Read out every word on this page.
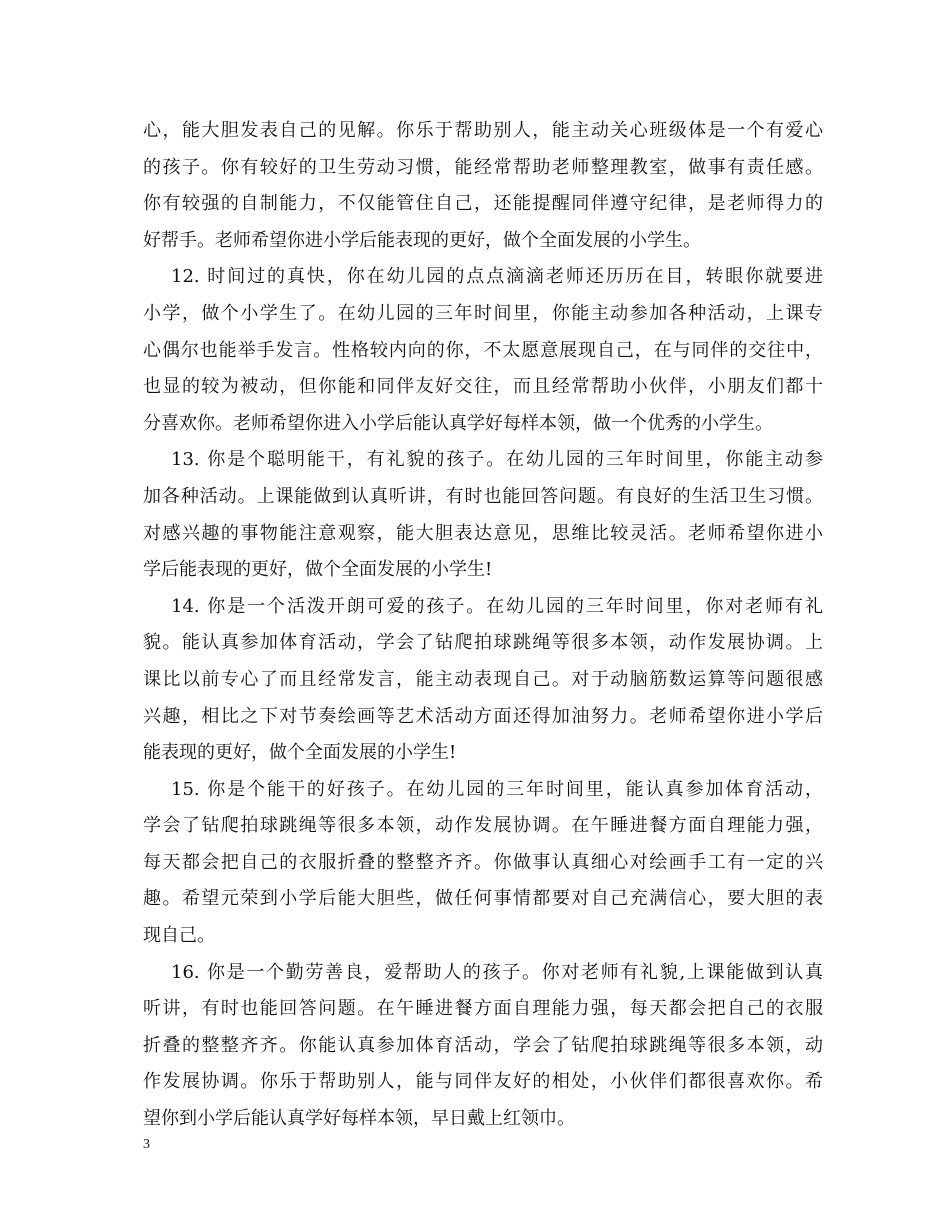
心，能大胆发表自己的见解。你乐于帮助别人，能主动关心班级体是一个有爱心
的孩子。你有较好的卫生劳动习惯，能经常帮助老师整理教室，做事有责任感。
你有较强的自制能力，不仅能管住自己，还能提醒同伴遵守纪律，是老师得力的
好帮手。老师希望你进小学后能表现的更好，做个全面发展的小学生。
12. 时间过的真快，你在幼儿园的点点滴滴老师还历历在目，转眼你就要进
小学，做个小学生了。在幼儿园的三年时间里，你能主动参加各种活动，上课专
心偶尔也能举手发言。性格较内向的你，不太愿意展现自己，在与同伴的交往中，
也显的较为被动，但你能和同伴友好交往，而且经常帮助小伙伴，小朋友们都十
分喜欢你。老师希望你进入小学后能认真学好每样本领，做一个优秀的小学生。
13. 你是个聪明能干，有礼貌的孩子。在幼儿园的三年时间里，你能主动参
加各种活动。上课能做到认真听讲，有时也能回答问题。有良好的生活卫生习惯。
对感兴趣的事物能注意观察，能大胆表达意见，思维比较灵活。老师希望你进小
学后能表现的更好，做个全面发展的小学生!
14. 你是一个活泼开朗可爱的孩子。在幼儿园的三年时间里，你对老师有礼
貌。能认真参加体育活动，学会了钻爬拍球跳绳等很多本领，动作发展协调。上
课比以前专心了而且经常发言，能主动表现自己。对于动脑筋数运算等问题很感
兴趣，相比之下对节奏绘画等艺术活动方面还得加油努力。老师希望你进小学后
能表现的更好，做个全面发展的小学生!
15. 你是个能干的好孩子。在幼儿园的三年时间里，能认真参加体育活动，
学会了钻爬拍球跳绳等很多本领，动作发展协调。在午睡进餐方面自理能力强，
每天都会把自己的衣服折叠的整整齐齐。你做事认真细心对绘画手工有一定的兴
趣。希望元荣到小学后能大胆些，做任何事情都要对自己充满信心，要大胆的表
现自己。
16. 你是一个勤劳善良，爱帮助人的孩子。你对老师有礼貌,上课能做到认真
听讲，有时也能回答问题。在午睡进餐方面自理能力强，每天都会把自己的衣服
折叠的整整齐齐。你能认真参加体育活动，学会了钻爬拍球跳绳等很多本领，动
作发展协调。你乐于帮助别人，能与同伴友好的相处，小伙伴们都很喜欢你。希
望你到小学后能认真学好每样本领，早日戴上红领巾。
3
